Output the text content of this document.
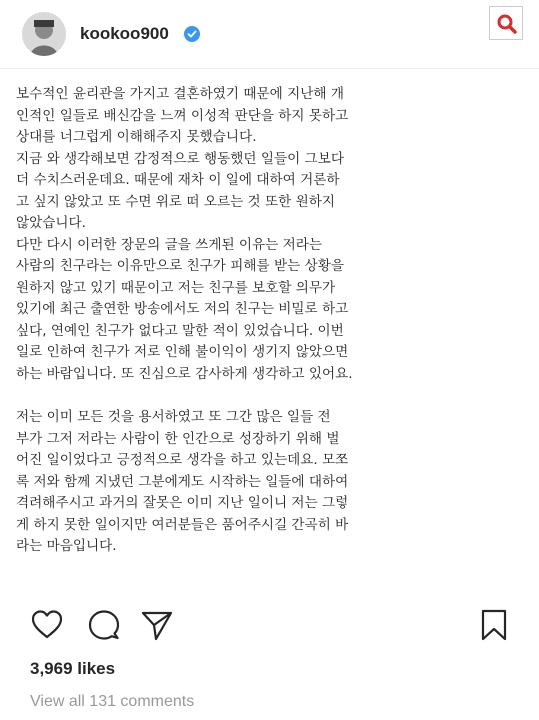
kookoo900

보수적인 윤리관을 가지고 결혼하였기 때문에 지난해 개
인적인 일들로 배신감을 느껴 이성적 판단을 하지 못하고
상대를 너그럽게 이해해주지 못했습니다.
지금 와 생각해보면 감정적으로 행동했던 일들이 그보다
더 수치스러운데요. 때문에 재차 이 일에 대하여 거론하
고 싶지 않았고 또 수면 위로 떠 오르는 것 또한 원하지
않았습니다.
다만 다시 이러한 장문의 글을 쓰게된 이유는 저라는
사람의 친구라는 이유만으로 친구가 피해를 받는 상황을
원하지 않고 있기 때문이고 저는 친구를 보호할 의무가
있기에 최근 출연한 방송에서도 저의 친구는 비밀로 하고
싶다, 연예인 친구가 없다고 말한 적이 있었습니다. 이번
일로 인하여 친구가 저로 인해 불이익이 생기지 않았으면
하는 바람입니다. 또 진심으로 감사하게 생각하고 있어요.

저는 이미 모든 것을 용서하였고 또 그간 많은 일들 전
부가 그저 저라는 사람이 한 인간으로 성장하기 위해 벌
어진 일이었다고 긍정적으로 생각을 하고 있는데요. 모쪼
록 저와 함께 지냈던 그분에게도 시작하는 일들에 대하여
격려해주시고 과거의 잘못은 이미 지난 일이니 저는 그렇
게 하지 못한 일이지만 여러분들은 품어주시길 간곡히 바
라는 마음입니다.

3,969 likes
View all 131 comments
